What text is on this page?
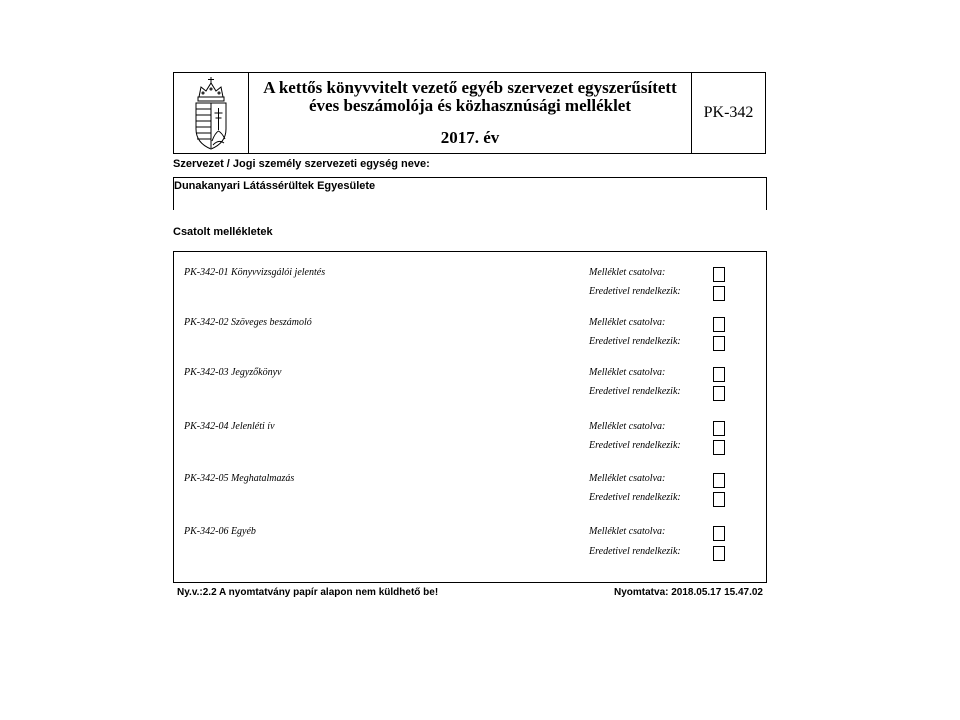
A kettős könyvvitelt vezető egyéb szervezet egyszerűsített
éves beszámolója és közhasznúsági melléklet
2017. év
PK-342
Szervezet / Jogi személy szervezeti egység neve:
Dunakanyari Látássérültek Egyesülete
Csatolt mellékletek
PK-342-01 Könyvvizsgálói jelentés	Melléklet csatolva:
Eredetivel rendelkezik:
PK-342-02 Szöveges beszámoló	Melléklet csatolva:
Eredetivel rendelkezik:
PK-342-03 Jegyzőkönyv	Melléklet csatolva:
Eredetivel rendelkezik:
PK-342-04 Jelenléti ív	Melléklet csatolva:
Eredetivel rendelkezik:
PK-342-05 Meghatalmazás	Melléklet csatolva:
Eredetivel rendelkezik:
PK-342-06 Egyéb	Melléklet csatolva:
Eredetivel rendelkezik:
Ny.v.:2.2 A nyomtatvány papír alapon nem küldhető be!	Nyomtatva: 2018.05.17 15.47.02
